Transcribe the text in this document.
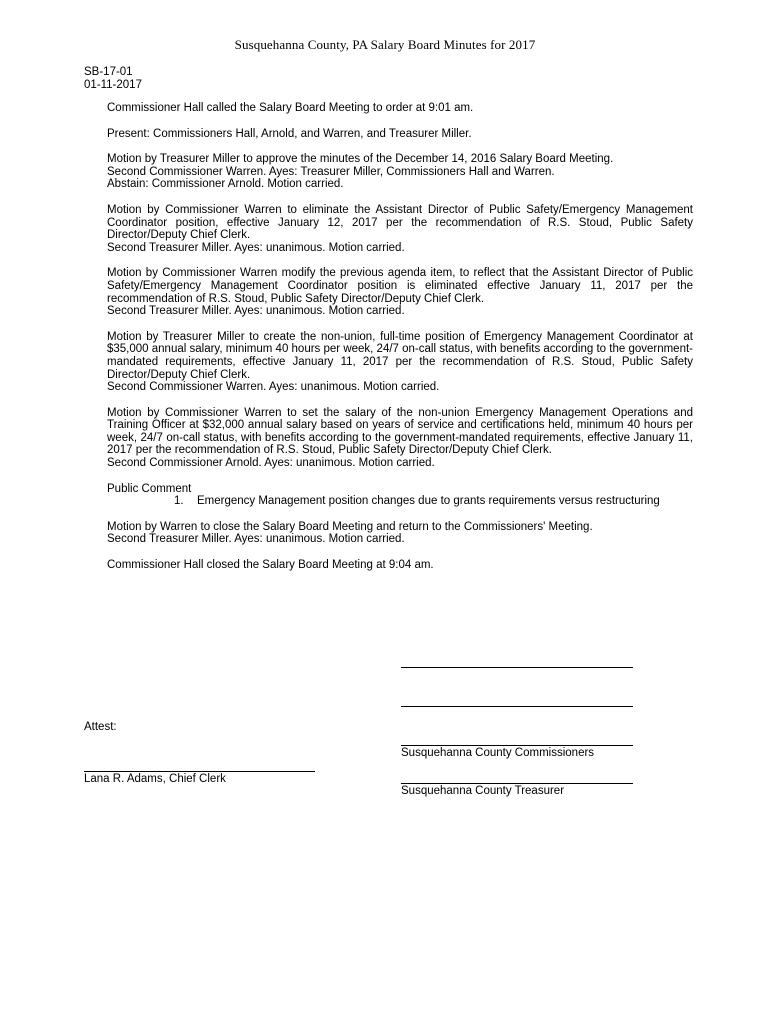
Susquehanna County, PA Salary Board Minutes for 2017
SB-17-01
01-11-2017

Commissioner Hall called the Salary Board Meeting to order at 9:01 am.

Present: Commissioners Hall, Arnold, and Warren, and Treasurer Miller.

Motion by Treasurer Miller to approve the minutes of the December 14, 2016 Salary Board Meeting.
Second Commissioner Warren. Ayes: Treasurer Miller, Commissioners Hall and Warren.
Abstain: Commissioner Arnold. Motion carried.

Motion by Commissioner Warren to eliminate the Assistant Director of Public Safety/Emergency Management Coordinator position, effective January 12, 2017 per the recommendation of R.S. Stoud, Public Safety Director/Deputy Chief Clerk.
Second Treasurer Miller. Ayes: unanimous. Motion carried.

Motion by Commissioner Warren modify the previous agenda item, to reflect that the Assistant Director of Public Safety/Emergency Management Coordinator position is eliminated effective January 11, 2017 per the recommendation of R.S. Stoud, Public Safety Director/Deputy Chief Clerk.
Second Treasurer Miller. Ayes: unanimous. Motion carried.

Motion by Treasurer Miller to create the non-union, full-time position of Emergency Management Coordinator at $35,000 annual salary, minimum 40 hours per week, 24/7 on-call status, with benefits according to the government-mandated requirements, effective January 11, 2017 per the recommendation of R.S. Stoud, Public Safety Director/Deputy Chief Clerk.
Second Commissioner Warren. Ayes: unanimous. Motion carried.

Motion by Commissioner Warren to set the salary of the non-union Emergency Management Operations and Training Officer at $32,000 annual salary based on years of service and certifications held, minimum 40 hours per week, 24/7 on-call status, with benefits according to the government-mandated requirements, effective January 11, 2017 per the recommendation of R.S. Stoud, Public Safety Director/Deputy Chief Clerk.
Second Commissioner Arnold. Ayes: unanimous. Motion carried.

Public Comment
1.	Emergency Management position changes due to grants requirements versus restructuring

Motion by Warren to close the Salary Board Meeting and return to the Commissioners' Meeting.
Second Treasurer Miller. Ayes: unanimous. Motion carried.

Commissioner Hall closed the Salary Board Meeting at 9:04 am.

Attest:
Susquehanna County Commissioners
Lana R. Adams, Chief Clerk
Susquehanna County Treasurer
